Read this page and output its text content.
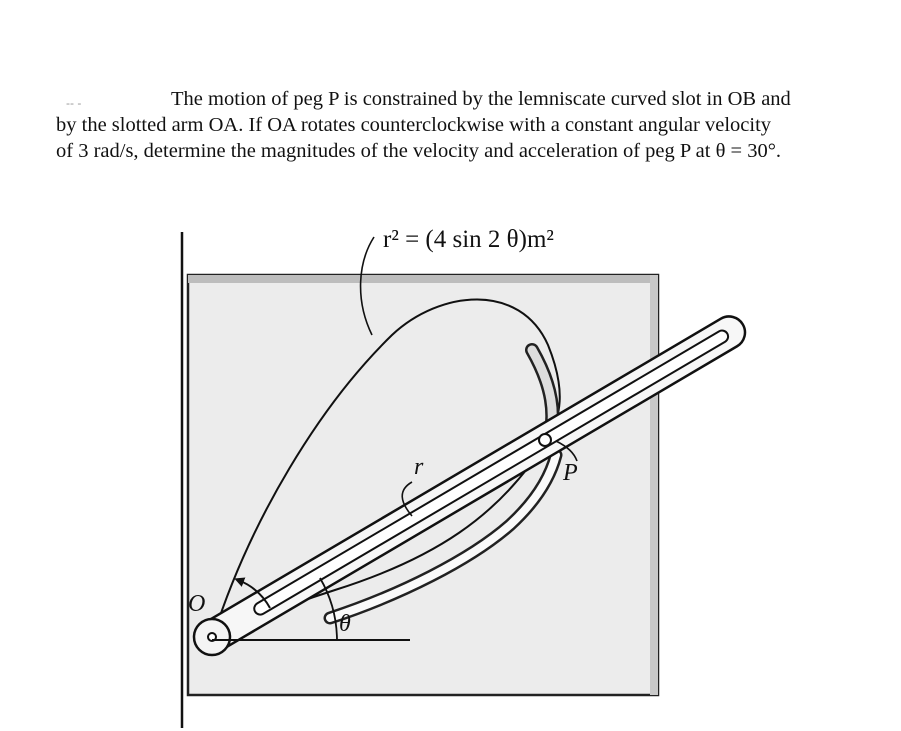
-- -	The motion of peg P is constrained by the lemniscate curved slot in OB and
by the slotted arm OA. If OA rotates counterclockwise with a constant angular velocity
of 3 rad/s, determine the magnitudes of the velocity and acceleration of peg P at θ = 30°.

r² = (4 sin 2 θ)m²
O
r	P
θ
